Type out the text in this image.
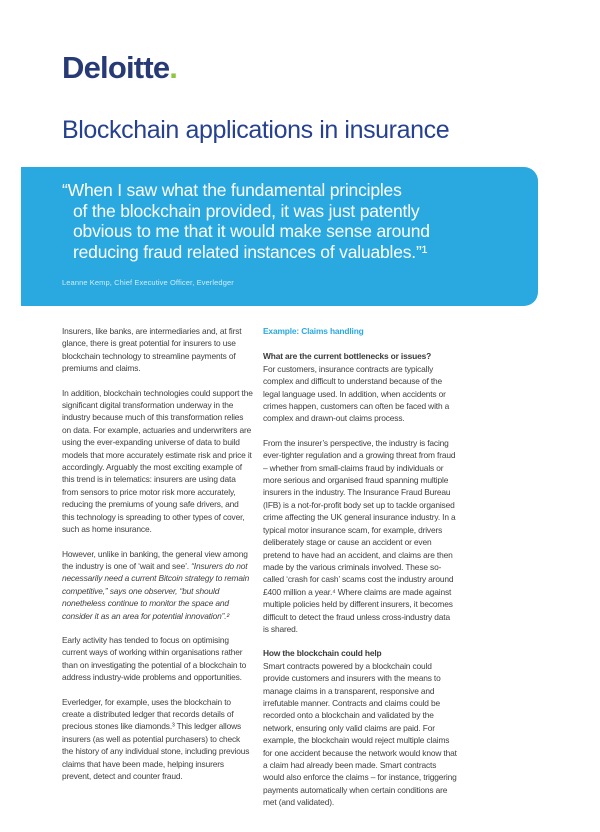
Deloitte.
Blockchain applications in insurance
“When I saw what the fundamental principles
of the blockchain provided, it was just patently
obvious to me that it would make sense around
reducing fraud related instances of valuables.”¹
Leanne Kemp, Chief Executive Officer, Everledger

Insurers, like banks, are intermediaries and, at first glance, there is great potential for insurers to use blockchain technology to streamline payments of premiums and claims.

In addition, blockchain technologies could support the significant digital transformation underway in the industry because much of this transformation relies on data. For example, actuaries and underwriters are using the ever-expanding universe of data to build models that more accurately estimate risk and price it accordingly. Arguably the most exciting example of this trend is in telematics: insurers are using data from sensors to price motor risk more accurately, reducing the premiums of young safe drivers, and this technology is spreading to other types of cover, such as home insurance.

However, unlike in banking, the general view among the industry is one of ‘wait and see’. “Insurers do not necessarily need a current Bitcoin strategy to remain competitive,” says one observer, “but should nonetheless continue to monitor the space and consider it as an area for potential innovation”.²

Early activity has tended to focus on optimising current ways of working within organisations rather than on investigating the potential of a blockchain to address industry-wide problems and opportunities.

Everledger, for example, uses the blockchain to create a distributed ledger that records details of precious stones like diamonds.³ This ledger allows insurers (as well as potential purchasers) to check the history of any individual stone, including previous claims that have been made, helping insurers prevent, detect and counter fraud.

Example: Claims handling
What are the current bottlenecks or issues?

For customers, insurance contracts are typically complex and difficult to understand because of the legal language used. In addition, when accidents or crimes happen, customers can often be faced with a complex and drawn-out claims process.

From the insurer’s perspective, the industry is facing ever-tighter regulation and a growing threat from fraud – whether from small-claims fraud by individuals or more serious and organised fraud spanning multiple insurers in the industry. The Insurance Fraud Bureau (IFB) is a not-for-profit body set up to tackle organised crime affecting the UK general insurance industry. In a typical motor insurance scam, for example, drivers deliberately stage or cause an accident or even pretend to have had an accident, and claims are then made by the various criminals involved. These so-called ‘crash for cash’ scams cost the industry around £400 million a year.⁴ Where claims are made against multiple policies held by different insurers, it becomes difficult to detect the fraud unless cross-industry data is shared.

How the blockchain could help

Smart contracts powered by a blockchain could provide customers and insurers with the means to manage claims in a transparent, responsive and irrefutable manner. Contracts and claims could be recorded onto a blockchain and validated by the network, ensuring only valid claims are paid. For example, the blockchain would reject multiple claims for one accident because the network would know that a claim had already been made. Smart contracts would also enforce the claims – for instance, triggering payments automatically when certain conditions are met (and validated).
